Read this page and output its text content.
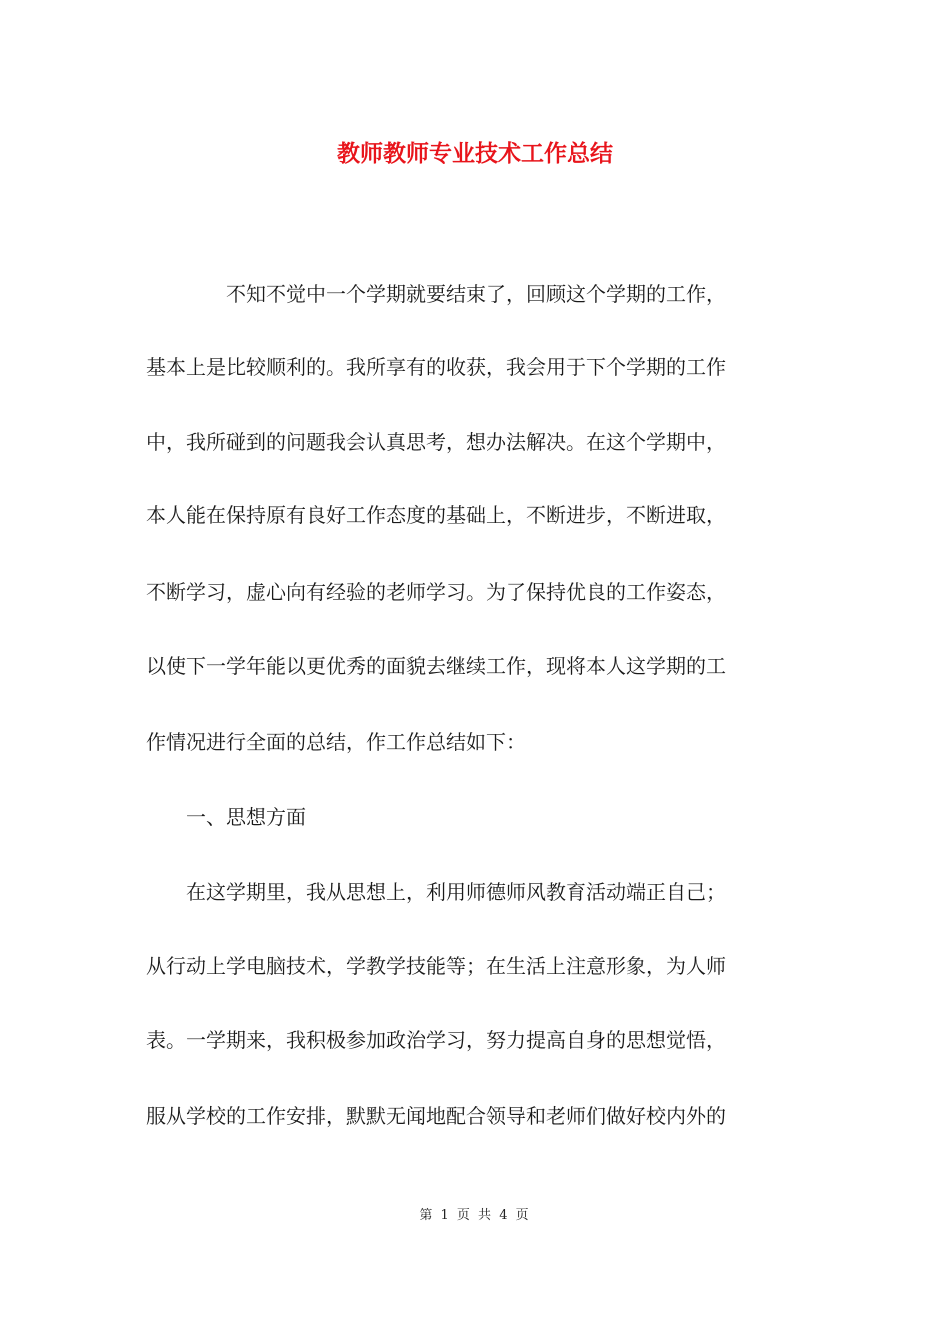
教师教师专业技术工作总结
　　　　不知不觉中一个学期就要结束了，回顾这个学期的工作，
基本上是比较顺利的。我所享有的收获，我会用于下个学期的工作
中，我所碰到的问题我会认真思考，想办法解决。在这个学期中，
本人能在保持原有良好工作态度的基础上，不断进步，不断进取，
不断学习，虚心向有经验的老师学习。为了保持优良的工作姿态，
以使下一学年能以更优秀的面貌去继续工作，现将本人这学期的工
作情况进行全面的总结，作工作总结如下：
　　一、思想方面
　　在这学期里，我从思想上，利用师德师风教育活动端正自己；
从行动上学电脑技术，学教学技能等；在生活上注意形象，为人师
表。一学期来，我积极参加政治学习，努力提高自身的思想觉悟，
服从学校的工作安排，默默无闻地配合领导和老师们做好校内外的
第 1 页 共 4 页
